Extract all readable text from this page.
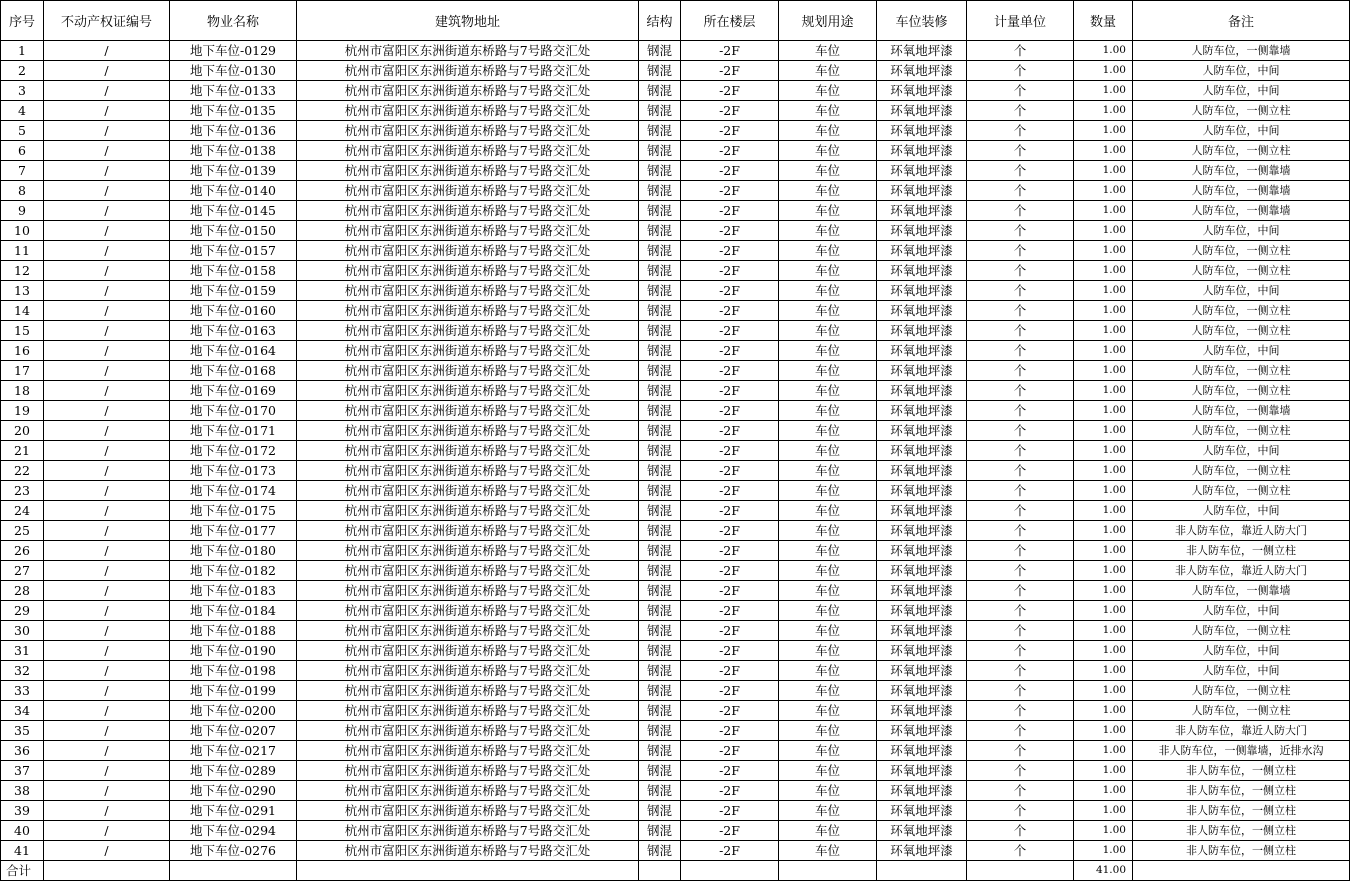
序号	不动产权证编号	物业名称	建筑物地址	结构	所在楼层	规划用途	车位装修	计量单位	数量	备注
1	/	地下车位-0129	杭州市富阳区东洲街道东桥路与7号路交汇处	钢混	-2F	车位	环氧地坪漆	个	1.00	人防车位，一侧靠墙
2	/	地下车位-0130	杭州市富阳区东洲街道东桥路与7号路交汇处	钢混	-2F	车位	环氧地坪漆	个	1.00	人防车位，中间
3	/	地下车位-0133	杭州市富阳区东洲街道东桥路与7号路交汇处	钢混	-2F	车位	环氧地坪漆	个	1.00	人防车位，中间
4	/	地下车位-0135	杭州市富阳区东洲街道东桥路与7号路交汇处	钢混	-2F	车位	环氧地坪漆	个	1.00	人防车位，一侧立柱
5	/	地下车位-0136	杭州市富阳区东洲街道东桥路与7号路交汇处	钢混	-2F	车位	环氧地坪漆	个	1.00	人防车位，中间
6	/	地下车位-0138	杭州市富阳区东洲街道东桥路与7号路交汇处	钢混	-2F	车位	环氧地坪漆	个	1.00	人防车位，一侧立柱
7	/	地下车位-0139	杭州市富阳区东洲街道东桥路与7号路交汇处	钢混	-2F	车位	环氧地坪漆	个	1.00	人防车位，一侧靠墙
8	/	地下车位-0140	杭州市富阳区东洲街道东桥路与7号路交汇处	钢混	-2F	车位	环氧地坪漆	个	1.00	人防车位，一侧靠墙
9	/	地下车位-0145	杭州市富阳区东洲街道东桥路与7号路交汇处	钢混	-2F	车位	环氧地坪漆	个	1.00	人防车位，一侧靠墙
10	/	地下车位-0150	杭州市富阳区东洲街道东桥路与7号路交汇处	钢混	-2F	车位	环氧地坪漆	个	1.00	人防车位，中间
11	/	地下车位-0157	杭州市富阳区东洲街道东桥路与7号路交汇处	钢混	-2F	车位	环氧地坪漆	个	1.00	人防车位，一侧立柱
12	/	地下车位-0158	杭州市富阳区东洲街道东桥路与7号路交汇处	钢混	-2F	车位	环氧地坪漆	个	1.00	人防车位，一侧立柱
13	/	地下车位-0159	杭州市富阳区东洲街道东桥路与7号路交汇处	钢混	-2F	车位	环氧地坪漆	个	1.00	人防车位，中间
14	/	地下车位-0160	杭州市富阳区东洲街道东桥路与7号路交汇处	钢混	-2F	车位	环氧地坪漆	个	1.00	人防车位，一侧立柱
15	/	地下车位-0163	杭州市富阳区东洲街道东桥路与7号路交汇处	钢混	-2F	车位	环氧地坪漆	个	1.00	人防车位，一侧立柱
16	/	地下车位-0164	杭州市富阳区东洲街道东桥路与7号路交汇处	钢混	-2F	车位	环氧地坪漆	个	1.00	人防车位，中间
17	/	地下车位-0168	杭州市富阳区东洲街道东桥路与7号路交汇处	钢混	-2F	车位	环氧地坪漆	个	1.00	人防车位，一侧立柱
18	/	地下车位-0169	杭州市富阳区东洲街道东桥路与7号路交汇处	钢混	-2F	车位	环氧地坪漆	个	1.00	人防车位，一侧立柱
19	/	地下车位-0170	杭州市富阳区东洲街道东桥路与7号路交汇处	钢混	-2F	车位	环氧地坪漆	个	1.00	人防车位，一侧靠墙
20	/	地下车位-0171	杭州市富阳区东洲街道东桥路与7号路交汇处	钢混	-2F	车位	环氧地坪漆	个	1.00	人防车位，一侧立柱
21	/	地下车位-0172	杭州市富阳区东洲街道东桥路与7号路交汇处	钢混	-2F	车位	环氧地坪漆	个	1.00	人防车位，中间
22	/	地下车位-0173	杭州市富阳区东洲街道东桥路与7号路交汇处	钢混	-2F	车位	环氧地坪漆	个	1.00	人防车位，一侧立柱
23	/	地下车位-0174	杭州市富阳区东洲街道东桥路与7号路交汇处	钢混	-2F	车位	环氧地坪漆	个	1.00	人防车位，一侧立柱
24	/	地下车位-0175	杭州市富阳区东洲街道东桥路与7号路交汇处	钢混	-2F	车位	环氧地坪漆	个	1.00	人防车位，中间
25	/	地下车位-0177	杭州市富阳区东洲街道东桥路与7号路交汇处	钢混	-2F	车位	环氧地坪漆	个	1.00	非人防车位，靠近人防大门
26	/	地下车位-0180	杭州市富阳区东洲街道东桥路与7号路交汇处	钢混	-2F	车位	环氧地坪漆	个	1.00	非人防车位，一侧立柱
27	/	地下车位-0182	杭州市富阳区东洲街道东桥路与7号路交汇处	钢混	-2F	车位	环氧地坪漆	个	1.00	非人防车位，靠近人防大门
28	/	地下车位-0183	杭州市富阳区东洲街道东桥路与7号路交汇处	钢混	-2F	车位	环氧地坪漆	个	1.00	人防车位，一侧靠墙
29	/	地下车位-0184	杭州市富阳区东洲街道东桥路与7号路交汇处	钢混	-2F	车位	环氧地坪漆	个	1.00	人防车位，中间
30	/	地下车位-0188	杭州市富阳区东洲街道东桥路与7号路交汇处	钢混	-2F	车位	环氧地坪漆	个	1.00	人防车位，一侧立柱
31	/	地下车位-0190	杭州市富阳区东洲街道东桥路与7号路交汇处	钢混	-2F	车位	环氧地坪漆	个	1.00	人防车位，中间
32	/	地下车位-0198	杭州市富阳区东洲街道东桥路与7号路交汇处	钢混	-2F	车位	环氧地坪漆	个	1.00	人防车位，中间
33	/	地下车位-0199	杭州市富阳区东洲街道东桥路与7号路交汇处	钢混	-2F	车位	环氧地坪漆	个	1.00	人防车位，一侧立柱
34	/	地下车位-0200	杭州市富阳区东洲街道东桥路与7号路交汇处	钢混	-2F	车位	环氧地坪漆	个	1.00	人防车位，一侧立柱
35	/	地下车位-0207	杭州市富阳区东洲街道东桥路与7号路交汇处	钢混	-2F	车位	环氧地坪漆	个	1.00	非人防车位，靠近人防大门
36	/	地下车位-0217	杭州市富阳区东洲街道东桥路与7号路交汇处	钢混	-2F	车位	环氧地坪漆	个	1.00	非人防车位，一侧靠墙，近排水沟
37	/	地下车位-0289	杭州市富阳区东洲街道东桥路与7号路交汇处	钢混	-2F	车位	环氧地坪漆	个	1.00	非人防车位，一侧立柱
38	/	地下车位-0290	杭州市富阳区东洲街道东桥路与7号路交汇处	钢混	-2F	车位	环氧地坪漆	个	1.00	非人防车位，一侧立柱
39	/	地下车位-0291	杭州市富阳区东洲街道东桥路与7号路交汇处	钢混	-2F	车位	环氧地坪漆	个	1.00	非人防车位，一侧立柱
40	/	地下车位-0294	杭州市富阳区东洲街道东桥路与7号路交汇处	钢混	-2F	车位	环氧地坪漆	个	1.00	非人防车位，一侧立柱
41	/	地下车位-0276	杭州市富阳区东洲街道东桥路与7号路交汇处	钢混	-2F	车位	环氧地坪漆	个	1.00	非人防车位，一侧立柱
合计									41.00	
